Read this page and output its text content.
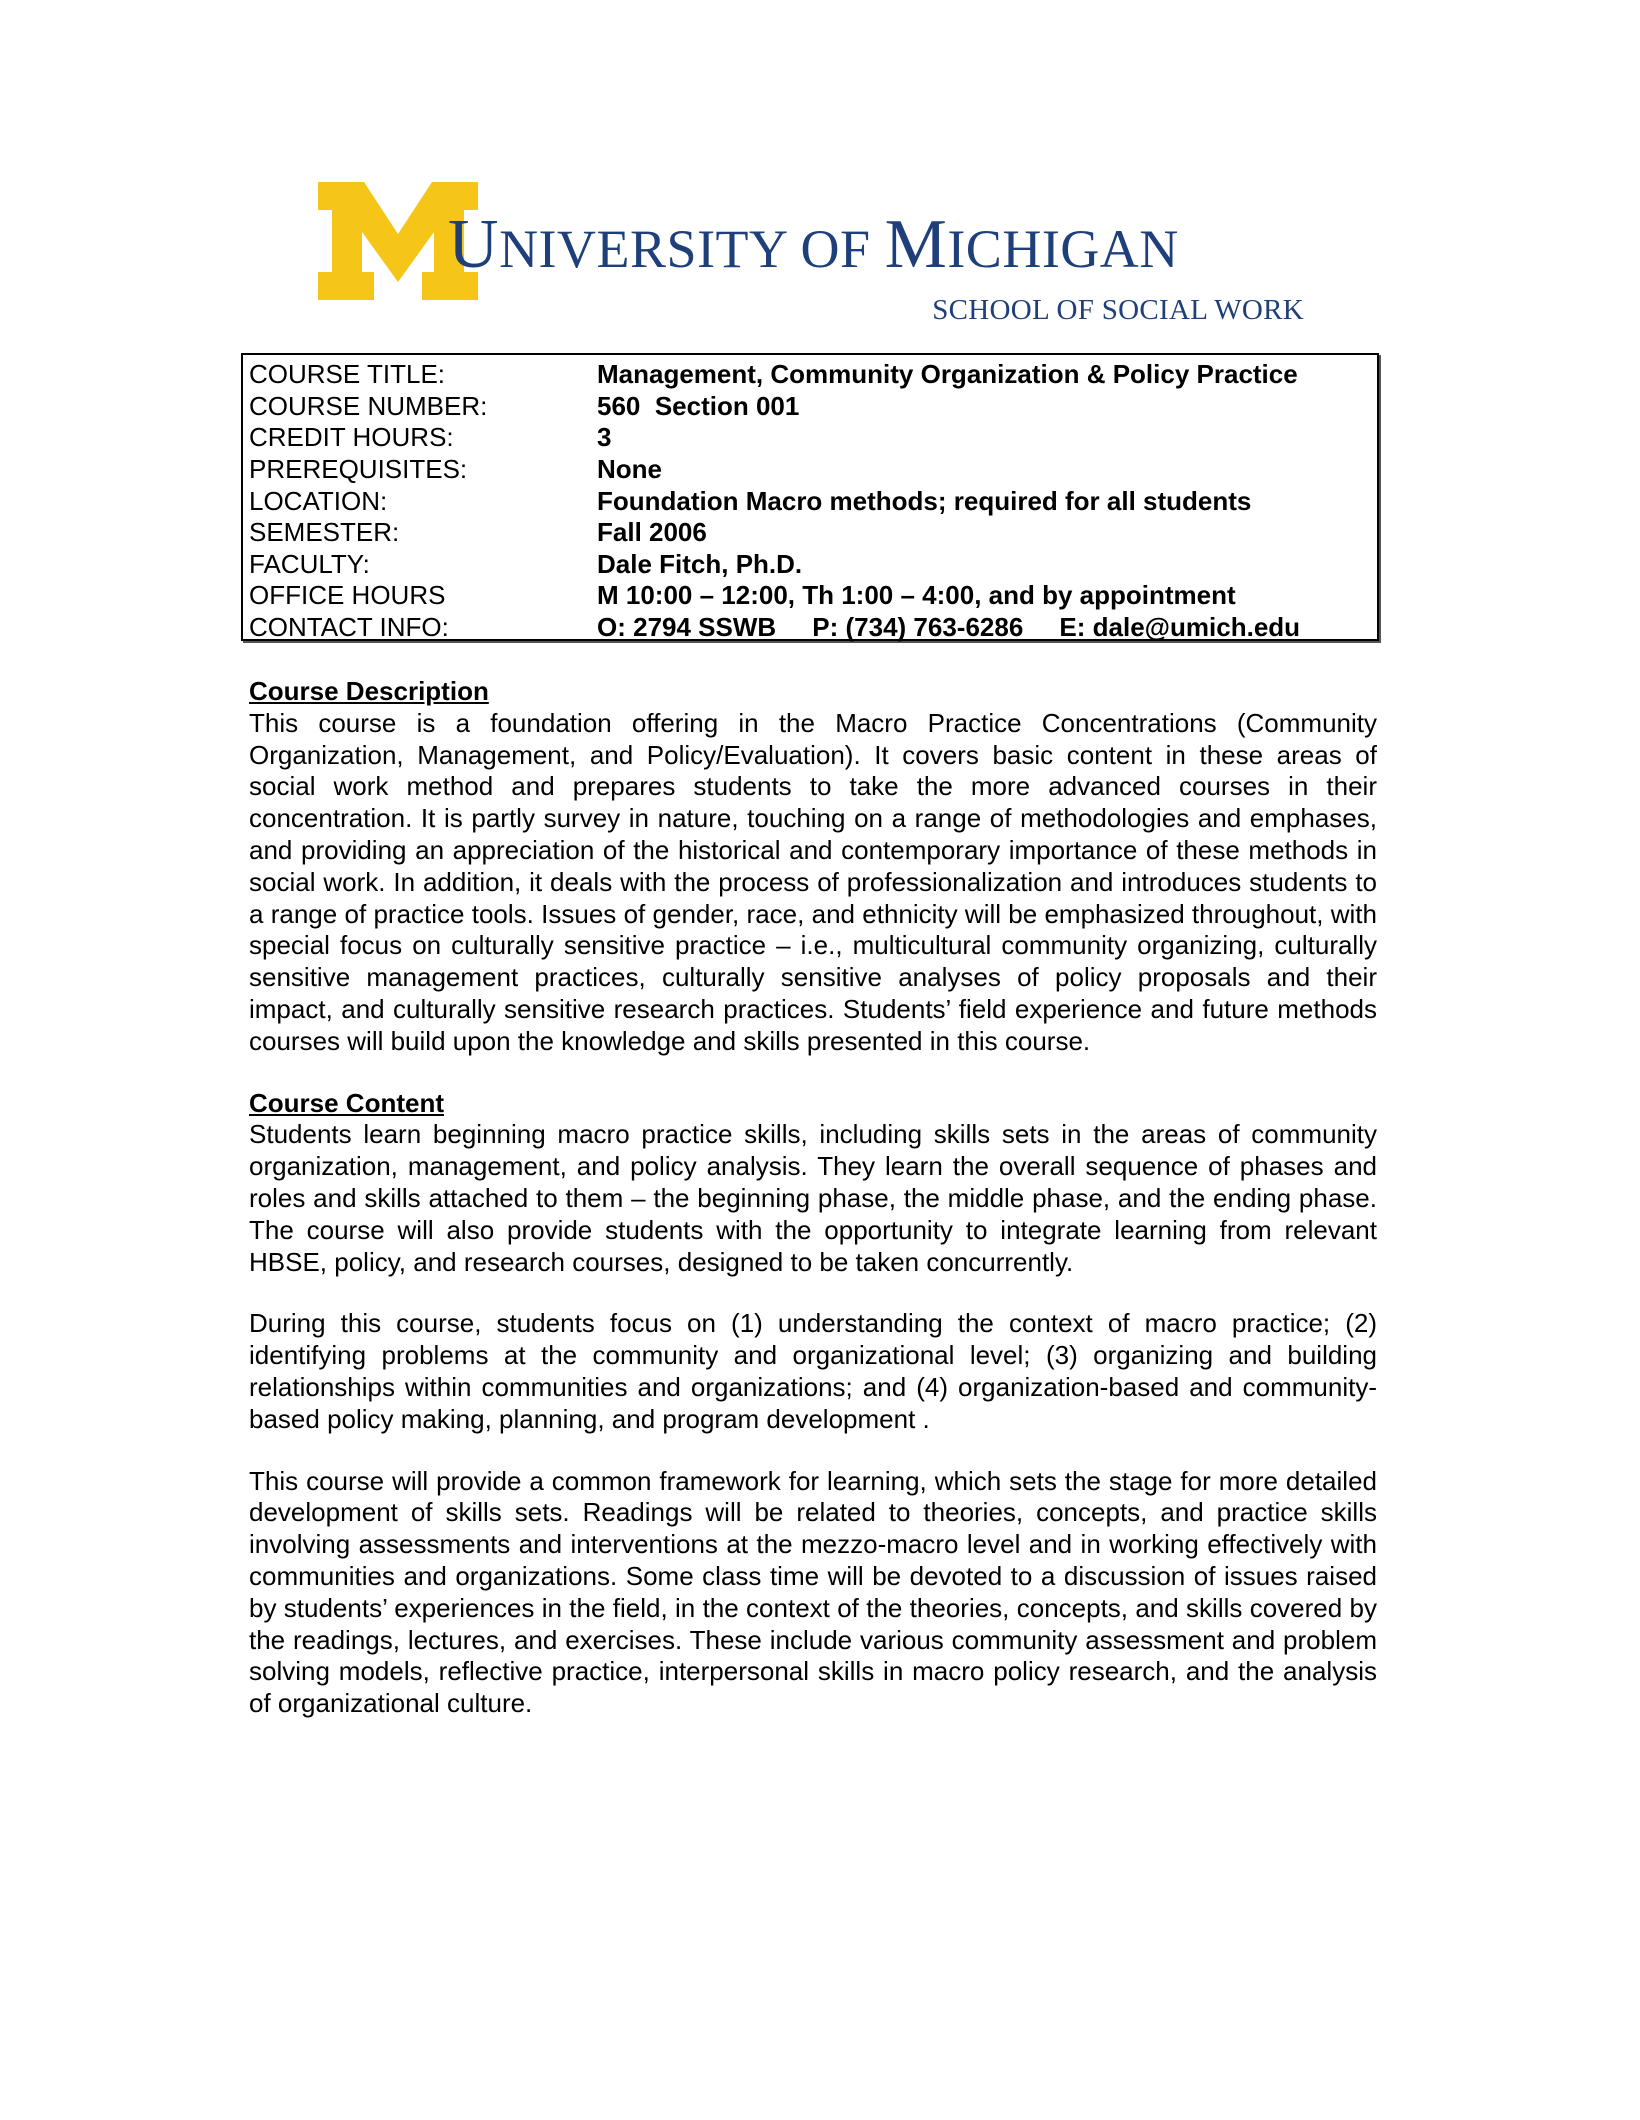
UNIVERSITY OF MICHIGAN
SCHOOL OF SOCIAL WORK
COURSE TITLE:	Management, Community Organization & Policy Practice
COURSE NUMBER:	560  Section 001
CREDIT HOURS:	3
PREREQUISITES:	None
LOCATION:	Foundation Macro methods; required for all students
SEMESTER:	Fall 2006
FACULTY:	Dale Fitch, Ph.D.
OFFICE HOURS	M 10:00 – 12:00, Th 1:00 – 4:00, and by appointment
CONTACT INFO:	O: 2794 SSWB     P: (734) 763-6286     E: dale@umich.edu

Course Description

This course is a foundation offering in the Macro Practice Concentrations (Community Organization, Management, and Policy/Evaluation). It covers basic content in these areas of social work method and prepares students to take the more advanced courses in their concentration. It is partly survey in nature, touching on a range of methodologies and emphases, and providing an appreciation of the historical and contemporary importance of these methods in social work. In addition, it deals with the process of professionalization and introduces students to a range of practice tools. Issues of gender, race, and ethnicity will be emphasized throughout, with special focus on culturally sensitive practice – i.e., multicultural community organizing, culturally sensitive management practices, culturally sensitive analyses of policy proposals and their impact, and culturally sensitive research practices. Students’ field experience and future methods courses will build upon the knowledge and skills presented in this course.

Course Content

Students learn beginning macro practice skills, including skills sets in the areas of community organization, management, and policy analysis. They learn the overall sequence of phases and roles and skills attached to them – the beginning phase, the middle phase, and the ending phase. The course will also provide students with the opportunity to integrate learning from relevant HBSE, policy, and research courses, designed to be taken concurrently.

During this course, students focus on (1) understanding the context of macro practice; (2) identifying problems at the community and organizational level; (3) organizing and building relationships within communities and organizations; and (4) organization-based and community-based policy making, planning, and program development .

This course will provide a common framework for learning, which sets the stage for more detailed development of skills sets. Readings will be related to theories, concepts, and practice skills involving assessments and interventions at the mezzo-macro level and in working effectively with communities and organizations. Some class time will be devoted to a discussion of issues raised by students’ experiences in the field, in the context of the theories, concepts, and skills covered by the readings, lectures, and exercises. These include various community assessment and problem solving models, reflective practice, interpersonal skills in macro policy research, and the analysis of organizational culture.
